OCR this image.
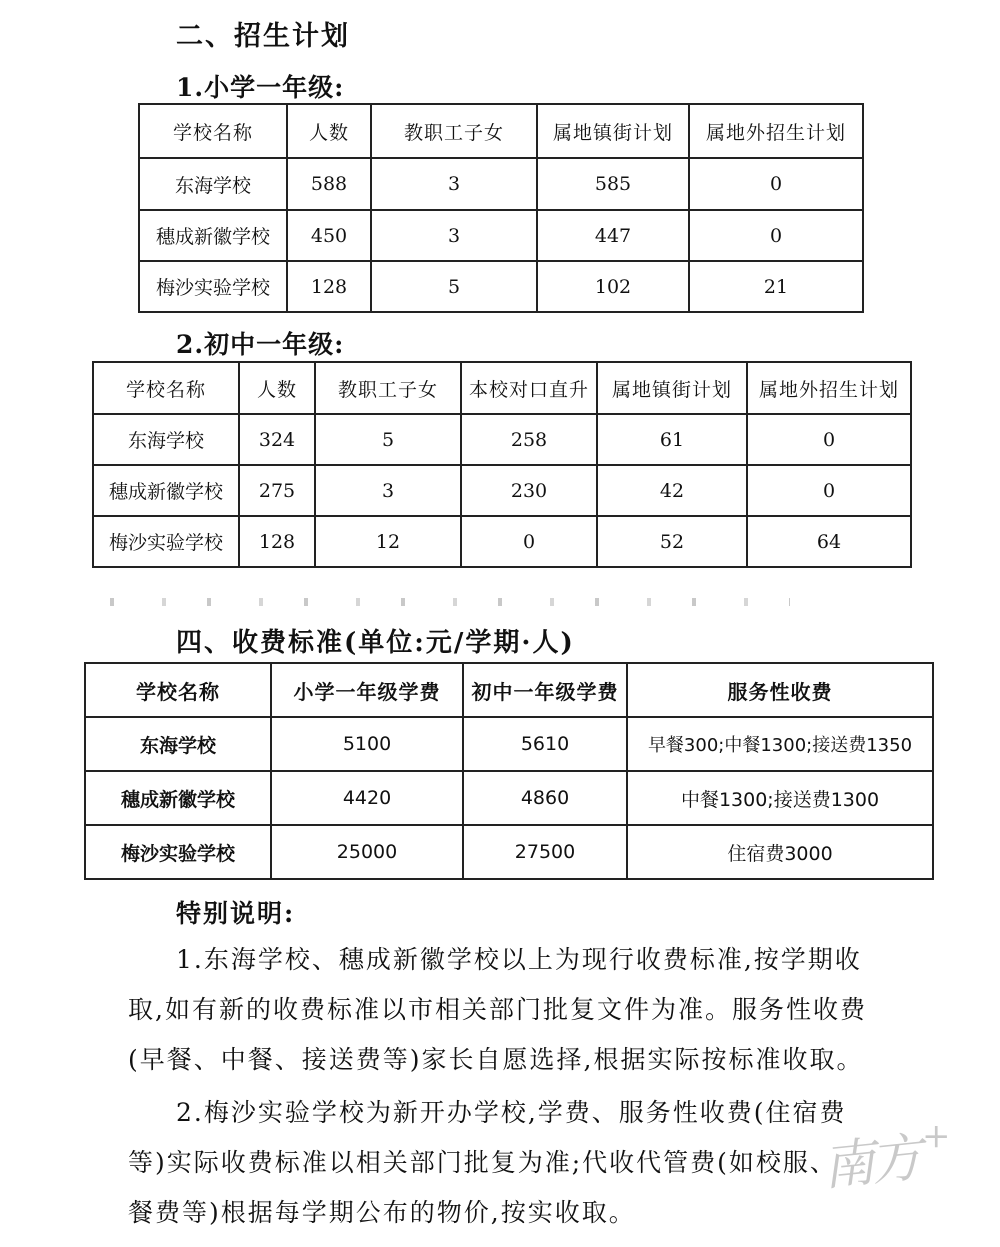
二、招生计划
1.小学一年级:
学校名称	人数	教职工子女	属地镇街计划	属地外招生计划
东海学校	588	3	585	0
穗成新徽学校	450	3	447	0
梅沙实验学校	128	5	102	21
2.初中一年级:
学校名称	人数	教职工子女	本校对口直升	属地镇街计划	属地外招生计划
东海学校	324	5	258	61	0
穗成新徽学校	275	3	230	42	0
梅沙实验学校	128	12	0	52	64
四、收费标准(单位:元/学期·人)
学校名称	小学一年级学费	初中一年级学费	服务性收费
东海学校	5100	5610	早餐300;中餐1300;接送费1350
穗成新徽学校	4420	4860	中餐1300;接送费1300
梅沙实验学校	25000	27500	住宿费3000
特别说明:
1.东海学校、穗成新徽学校以上为现行收费标准,按学期收
取,如有新的收费标准以市相关部门批复文件为准。服务性收费
(早餐、中餐、接送费等)家长自愿选择,根据实际按标准收取。
2.梅沙实验学校为新开办学校,学费、服务性收费(住宿费
等)实际收费标准以相关部门批复为准;代收代管费(如校服、
餐费等)根据每学期公布的物价,按实收取。
南方 +
